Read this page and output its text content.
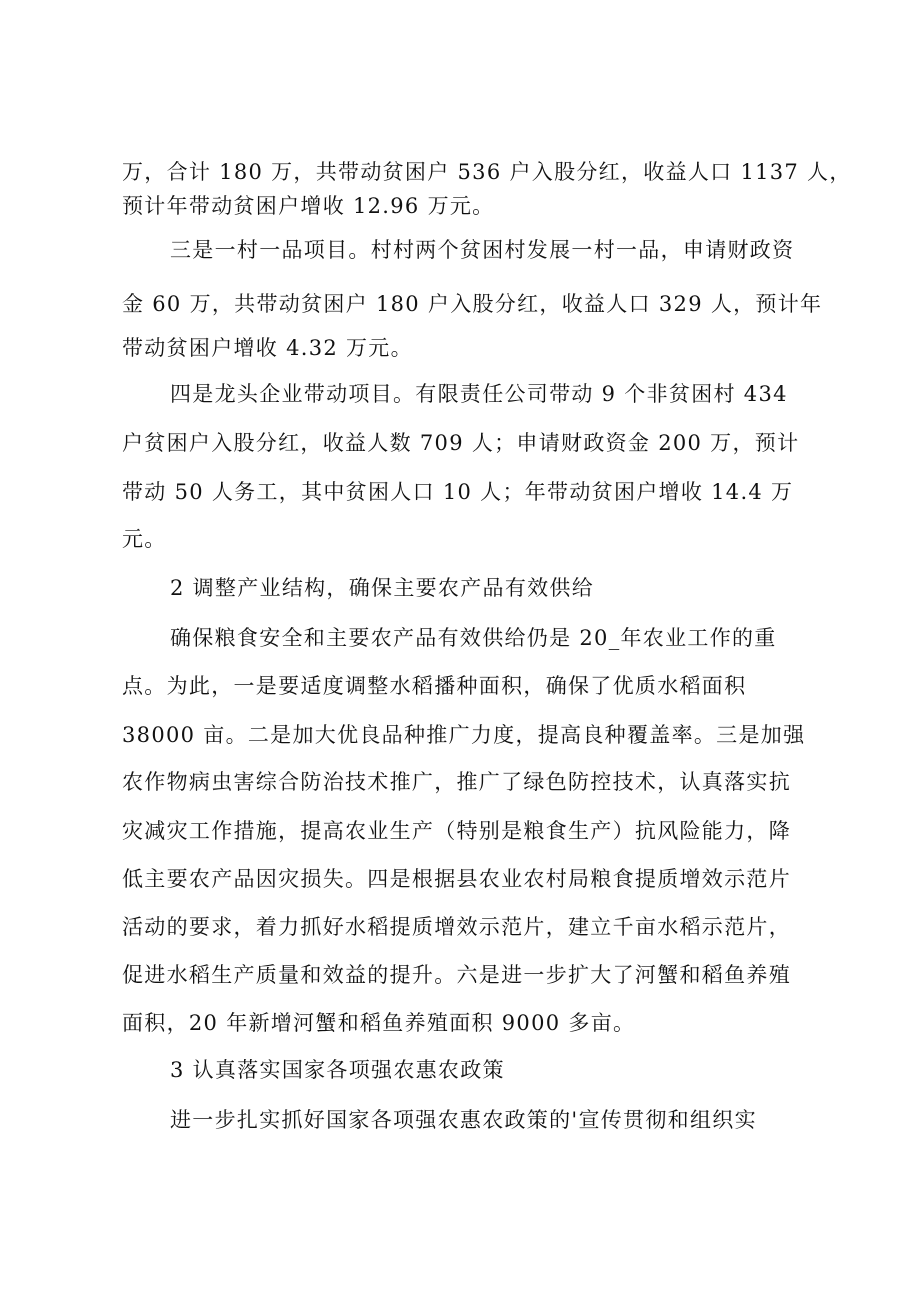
万，合计 180 万，共带动贫困户 536 户入股分红，收益人口 1137 人，
预计年带动贫困户增收 12.96 万元。
三是一村一品项目。村村两个贫困村发展一村一品，申请财政资
金 60 万，共带动贫困户 180 户入股分红，收益人口 329 人，预计年
带动贫困户增收 4.32 万元。
四是龙头企业带动项目。有限责任公司带动 9 个非贫困村 434
户贫困户入股分红，收益人数 709 人；申请财政资金 200 万，预计
带动 50 人务工，其中贫困人口 10 人；年带动贫困户增收 14.4 万
元。
2 调整产业结构，确保主要农产品有效供给
确保粮食安全和主要农产品有效供给仍是 20_年农业工作的重
点。为此，一是要适度调整水稻播种面积，确保了优质水稻面积
38000 亩。二是加大优良品种推广力度，提高良种覆盖率。三是加强
农作物病虫害综合防治技术推广，推广了绿色防控技术，认真落实抗
灾减灾工作措施，提高农业生产（特别是粮食生产）抗风险能力，降
低主要农产品因灾损失。四是根据县农业农村局粮食提质增效示范片
活动的要求，着力抓好水稻提质增效示范片，建立千亩水稻示范片，
促进水稻生产质量和效益的提升。六是进一步扩大了河蟹和稻鱼养殖
面积，20 年新增河蟹和稻鱼养殖面积 9000 多亩。
3 认真落实国家各项强农惠农政策
进一步扎实抓好国家各项强农惠农政策的'宣传贯彻和组织实
